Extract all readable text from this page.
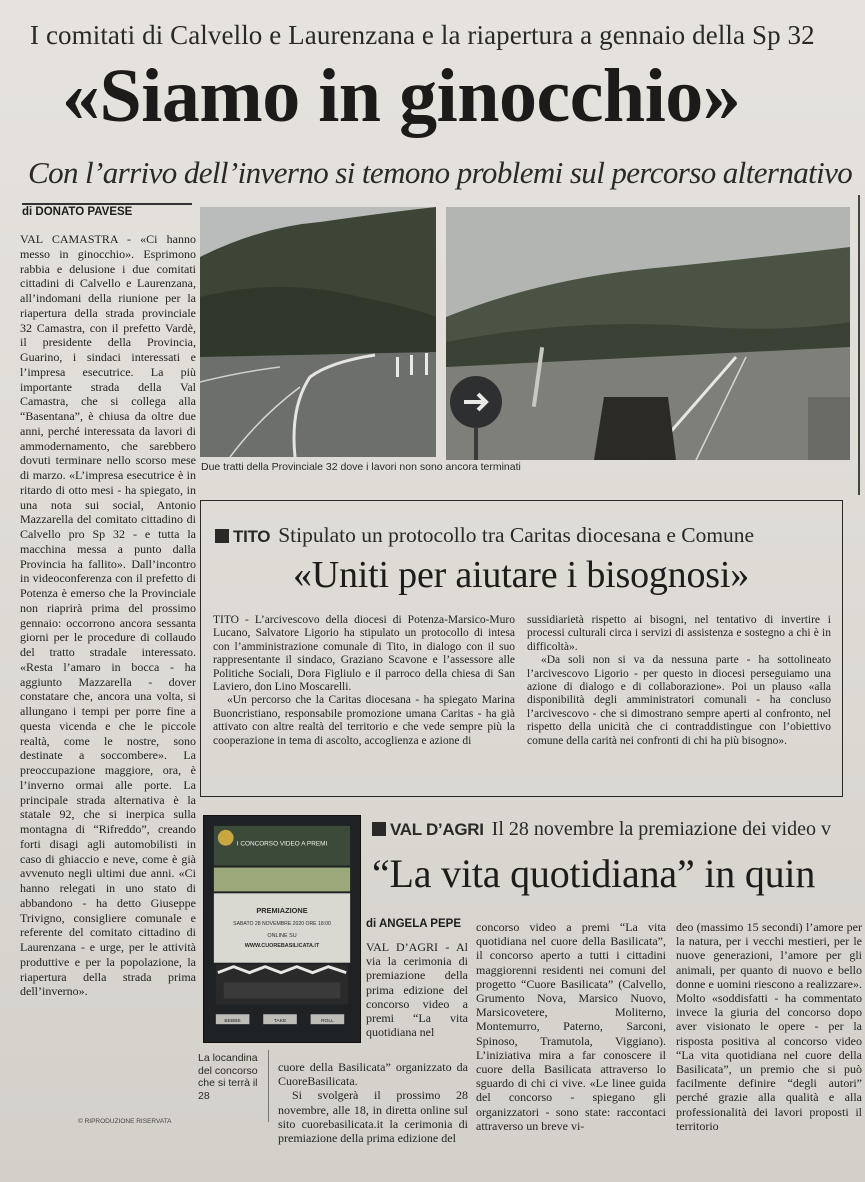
I comitati di Calvello e Laurenzana e la riapertura a gennaio della Sp 32
«Siamo in ginocchio»
Con l’arrivo dell’inverno si temono problemi sul percorso alternativo
di DONATO PAVESE
VAL CAMASTRA - «Ci hanno messo in ginocchio». Esprimono rabbia e delusione i due comitati cittadini di Calvello e Laurenzana, all’indomani della riunione per la riapertura della strada provinciale 32 Camastra, con il prefetto Vardè, il presidente della Provincia, Guarino, i sindaci interessati e l’impresa esecutrice. La più importante strada della Val Camastra, che si collega alla “Basentana”, è chiusa da oltre due anni, perché interessata da lavori di ammodernamento, che sarebbero dovuti terminare nello scorso mese di marzo. «L’impresa esecutrice è in ritardo di otto mesi - ha spiegato, in una nota sui social, Antonio Mazzarella del comitato cittadino di Calvello pro Sp 32 - e tutta la macchina messa a punto dalla Provincia ha fallito». Dall’incontro in videoconferenza con il prefetto di Potenza è emerso che la Provinciale non riaprirà prima del prossimo gennaio: occorrono ancora sessanta giorni per le procedure di collaudo del tratto stradale interessato. «Resta l’amaro in bocca - ha aggiunto Mazzarella - dover constatare che, ancora una volta, si allungano i tempi per porre fine a questa vicenda e che le piccole realtà, come le nostre, sono destinate a soccombere». La preoccupazione maggiore, ora, è l’inverno ormai alle porte. La principale strada alternativa è la statale 92, che si inerpica sulla montagna di “Rifreddo”, creando forti disagi agli automobilisti in caso di ghiaccio e neve, come è già avvenuto negli ultimi due anni. «Ci hanno relegati in uno stato di abbandono - ha detto Giuseppe Trivigno, consigliere comunale e referente del comitato cittadino di Laurenzana - e urge, per le attività produttive e per la popolazione, la riapertura della strada prima dell’inverno».
© RIPRODUZIONE RISERVATA
Due tratti della Provinciale 32 dove i lavori non sono ancora terminati
TITO Stipulato un protocollo tra Caritas diocesana e Comune
«Uniti per aiutare i bisognosi»

TITO - L’arcivescovo della diocesi di Potenza-Marsico-Muro Lucano, Salvatore Ligorio ha stipulato un protocollo di intesa con l’amministrazione comunale di Tito, in dialogo con il suo rappresentante il sindaco, Graziano Scavone e l’assessore alle Politiche Sociali, Dora Figliulo e il parroco della chiesa di San Laviero, don Lino Moscarelli.

«Un percorso che la Caritas diocesana - ha spiegato Marina Buoncristiano, responsabile promozione umana Caritas - ha già attivato con altre realtà del territorio e che vede sempre più la cooperazione in tema di ascolto, accoglienza e azione di

sussidiarietà rispetto ai bisogni, nel tentativo di invertire i processi culturali circa i servizi di assistenza e sostegno a chi è in difficoltà».

«Da soli non si va da nessuna parte - ha sottolineato l’arcivescovo Ligorio - per questo in diocesi perseguiamo una azione di dialogo e di collaborazione». Poi un plauso «alla disponibilità degli amministratori comunali - ha concluso l’arcivescovo - che si dimostrano sempre aperti al confronto, nel rispetto della unicità che ci contraddistingue con l’obiettivo comune della carità nei confronti di chi ha più bisogno».

I CONCORSO VIDEO A PREMI
PREMIAZIONE
SABATO 28 NOVEMBRE 2020 ORE 18:00
ONLINE SU
WWW.CUOREBASILICATA.IT
BEBBE	TAKE	ROLL
La locandina del concorso che si terrà il 28
VAL D’AGRI Il 28 novembre la premiazione dei video v
“La vita quotidiana” in quin
di ANGELA PEPE
VAL D’AGRI - Al via la cerimonia di premiazione della prima edizione del concorso video a premi “La vita quotidiana nel

cuore della Basilicata” organizzato da CuoreBasilicata.

Si svolgerà il prossimo 28 novembre, alle 18, in diretta online sul sito cuorebasilicata.it la cerimonia di premiazione della prima edizione del

concorso video a premi “La vita quotidiana nel cuore della Basilicata”, il concorso aperto a tutti i cittadini maggiorenni residenti nei comuni del progetto “Cuore Basilicata” (Calvello, Grumento Nova, Marsico Nuovo, Marsicovetere, Moliterno, Montemurro, Paterno, Sarconi, Spinoso, Tramutola, Viggiano). L’iniziativa mira a far conoscere il cuore della Basilicata attraverso lo sguardo di chi ci vive. «Le linee guida del concorso - spiegano gli organizzatori - sono state: raccontaci attraverso un breve vi-
deo (massimo 15 secondi) l’amore per la natura, per i vecchi mestieri, per le nuove generazioni, l’amore per gli animali, per quanto di nuovo e bello donne e uomini riescono a realizzare». Molto «soddisfatti - ha commentato invece la giuria del concorso dopo aver visionato le opere - per la risposta positiva al concorso video “La vita quotidiana nel cuore della Basilicata”, un premio che si può facilmente definire “degli autori” perché grazie alla qualità e alla professionalità dei lavori proposti il territorio
